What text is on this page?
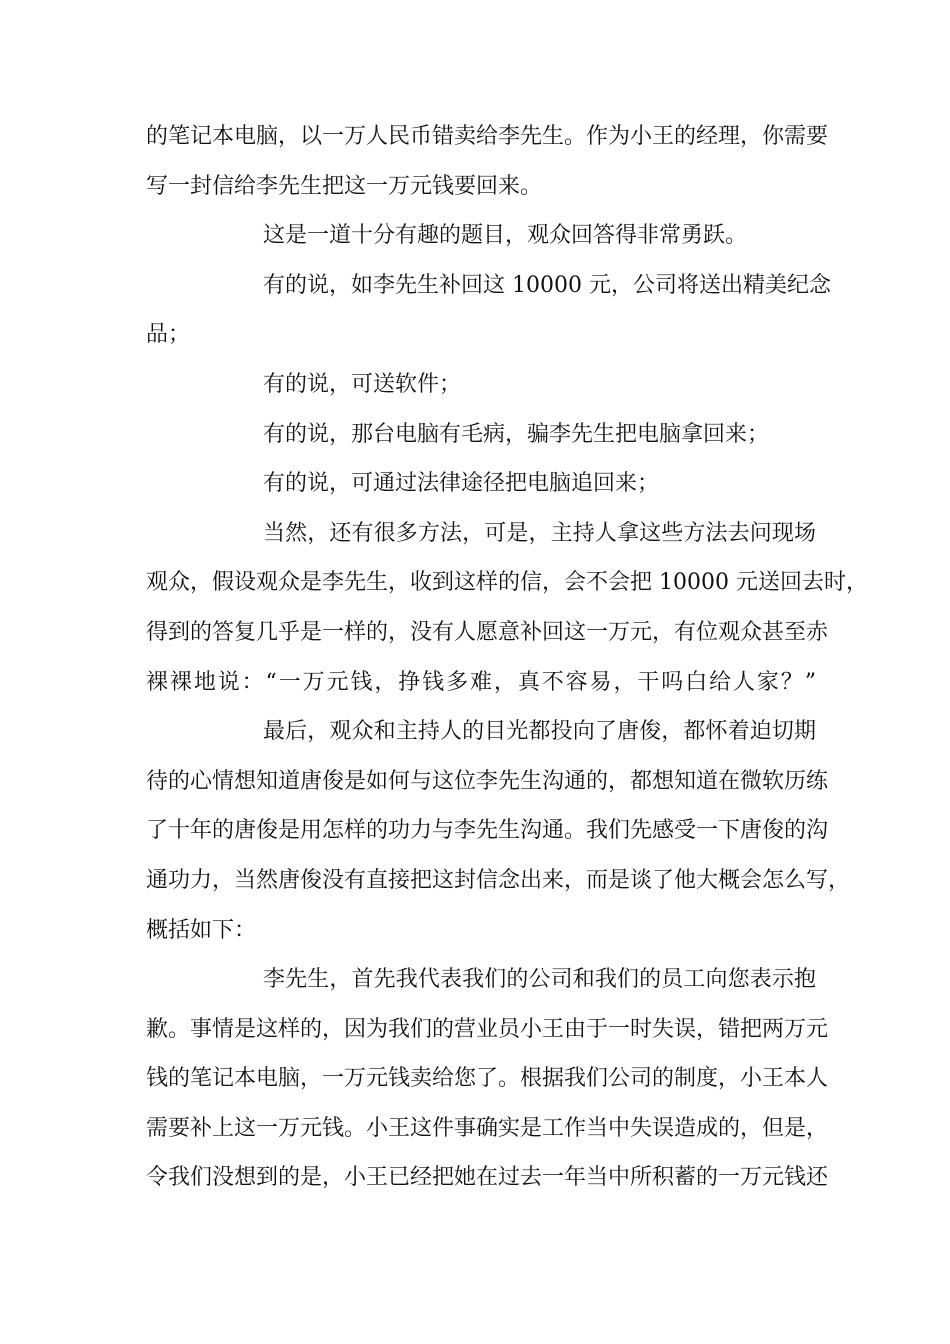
的笔记本电脑，以一万人民币错卖给李先生。作为小王的经理，你需要
写一封信给李先生把这一万元钱要回来。
这是一道十分有趣的题目，观众回答得非常勇跃。
有的说，如李先生补回这 10000 元，公司将送出精美纪念
品；
有的说，可送软件；
有的说，那台电脑有毛病，骗李先生把电脑拿回来；
有的说，可通过法律途径把电脑追回来；
当然，还有很多方法，可是，主持人拿这些方法去问现场
观众，假设观众是李先生，收到这样的信，会不会把 10000 元送回去时，
得到的答复几乎是一样的，没有人愿意补回这一万元，有位观众甚至赤
裸裸地说：“一万元钱，挣钱多难，真不容易，干吗白给人家？”
最后，观众和主持人的目光都投向了唐俊，都怀着迫切期
待的心情想知道唐俊是如何与这位李先生沟通的，都想知道在微软历练
了十年的唐俊是用怎样的功力与李先生沟通。我们先感受一下唐俊的沟
通功力，当然唐俊没有直接把这封信念出来，而是谈了他大概会怎么写，
概括如下：
李先生，首先我代表我们的公司和我们的员工向您表示抱
歉。事情是这样的，因为我们的营业员小王由于一时失误，错把两万元
钱的笔记本电脑，一万元钱卖给您了。根据我们公司的制度，小王本人
需要补上这一万元钱。小王这件事确实是工作当中失误造成的，但是，
令我们没想到的是，小王已经把她在过去一年当中所积蓄的一万元钱还
